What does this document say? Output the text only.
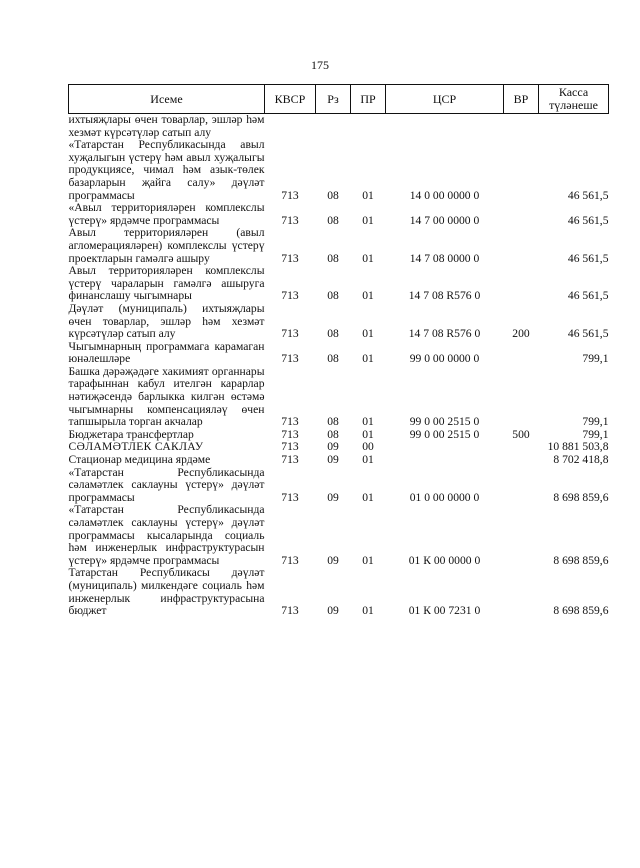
175
Исеме	КВСР	Рз	ПР	ЦСР	ВР	Касса түләнеше
ихтыяҗлары өчен товарлар, эшләр һәм хезмәт күрсәтүләр сатып алу						
«Татарстан Республикасында авыл хуҗалыгын үстерү һәм авыл хуҗалыгы продукциясе, чимал һәм азык-төлек базарларын җайга салу» дәүләт программасы	713	08	01	14 0 00 0000 0		46 561,5
«Авыл территорияләрен комплекслы үстерү» ярдәмче программасы	713	08	01	14 7 00 0000 0		46 561,5
Авыл территорияләрен (авыл агломерацияләрен) комплекслы үстерү проектларын гамәлгә ашыру	713	08	01	14 7 08 0000 0		46 561,5
Авыл территорияләрен комплекслы үстерү чараларын гамәлгә ашыруга финанслашу чыгымнары	713	08	01	14 7 08 R576 0		46 561,5
Дәүләт (муниципаль) ихтыяҗлары өчен товарлар, эшләр һәм хезмәт күрсәтүләр сатып алу	713	08	01	14 7 08 R576 0	200	46 561,5
Чыгымнарның программага карамаган юнәлешләре	713	08	01	99 0 00 0000 0		799,1
Башка дәрәҗәдәге хакимият органнары тарафыннан кабул ителгән карарлар нәтиҗәсендә барлыкка килгән өстәмә чыгымнарны компенсацияләү өчен тапшырыла торган акчалар	713	08	01	99 0 00 2515 0		799,1
Бюджетара трансфертлар	713	08	01	99 0 00 2515 0	500	799,1
СӘЛАМӘТЛЕК САКЛАУ	713	09	00			10 881 503,8
Стационар медицина ярдәме	713	09	01			8 702 418,8
«Татарстан Республикасында сәламәтлек саклауны үстерү» дәүләт программасы	713	09	01	01 0 00 0000 0		8 698 859,6
«Татарстан Республикасында сәламәтлек саклауны үстерү» дәүләт программасы кысаларында социаль һәм инженерлык инфраструктурасын үстерү» ярдәмче программасы	713	09	01	01 К 00 0000 0		8 698 859,6
Татарстан Республикасы дәүләт (муниципаль) милкендәге социаль һәм инженерлык инфраструктурасына бюджет	713	09	01	01 К 00 7231 0		8 698 859,6
